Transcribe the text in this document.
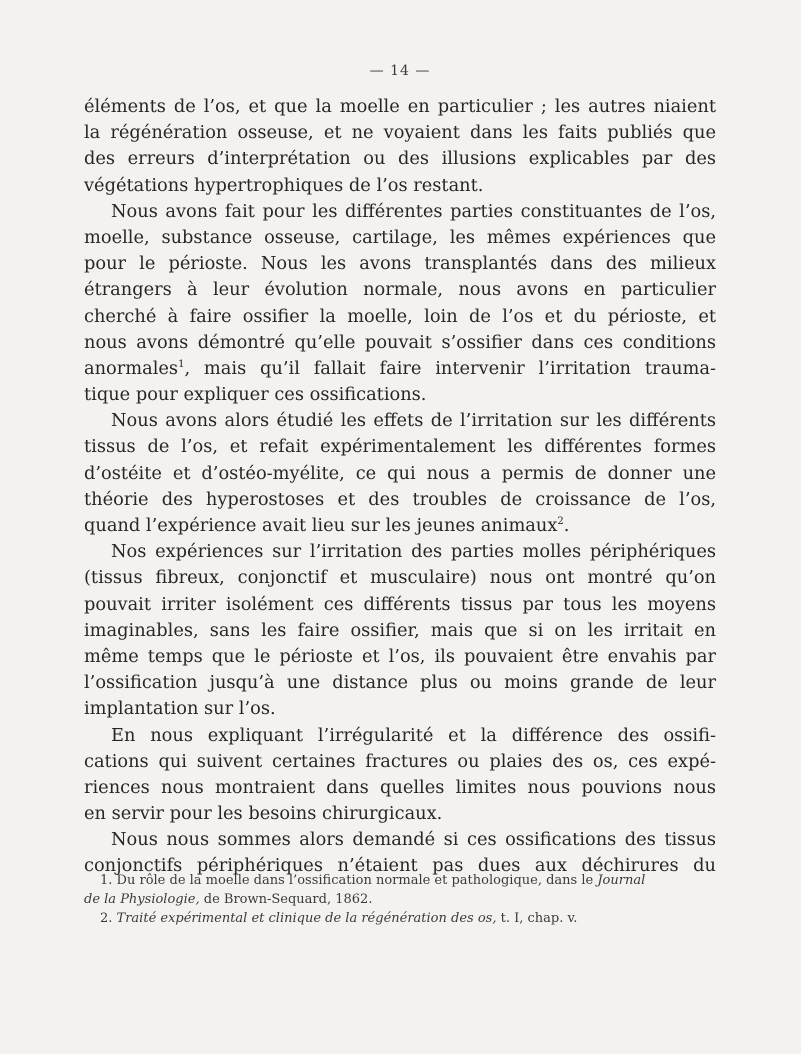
— 14 —
éléments de l’os, et que la moelle en particulier ; les autres niaient
la régénération osseuse, et ne voyaient dans les faits publiés que
des erreurs d’interprétation ou des illusions explicables par des
végétations hypertrophiques de l’os restant.
Nous avons fait pour les différentes parties constituantes de l’os,
moelle, substance osseuse, cartilage, les mêmes expériences que
pour le périoste. Nous les avons transplantés dans des milieux
étrangers à leur évolution normale, nous avons en particulier
cherché à faire ossifier la moelle, loin de l’os et du périoste, et
nous avons démontré qu’elle pouvait s’ossifier dans ces conditions
anormales$^1$, mais qu’il fallait faire intervenir l’irritation trauma-
tique pour expliquer ces ossifications.
Nous avons alors étudié les effets de l’irritation sur les différents
tissus de l’os, et refait expérimentalement les différentes formes
d’ostéite et d’ostéo-myélite, ce qui nous a permis de donner une
théorie des hyperostoses et des troubles de croissance de l’os,
quand l’expérience avait lieu sur les jeunes animaux$^2$.
Nos expériences sur l’irritation des parties molles périphériques
(tissus fibreux, conjonctif et musculaire) nous ont montré qu’on
pouvait irriter isolément ces différents tissus par tous les moyens
imaginables, sans les faire ossifier, mais que si on les irritait en
même temps que le périoste et l’os, ils pouvaient être envahis par
l’ossification jusqu’à une distance plus ou moins grande de leur
implantation sur l’os.
En nous expliquant l’irrégularité et la différence des ossifi-
cations qui suivent certaines fractures ou plaies des os, ces expé-
riences nous montraient dans quelles limites nous pouvions nous
en servir pour les besoins chirurgicaux.
Nous nous sommes alors demandé si ces ossifications des tissus
conjonctifs périphériques n’étaient pas dues aux déchirures du
1. Du rôle de la moelle dans l’ossification normale et pathologique, dans le Journal
de la Physiologie, de Brown-Sequard, 1862.
2. Traité expérimental et clinique de la régénération des os, t. I, chap. v.
